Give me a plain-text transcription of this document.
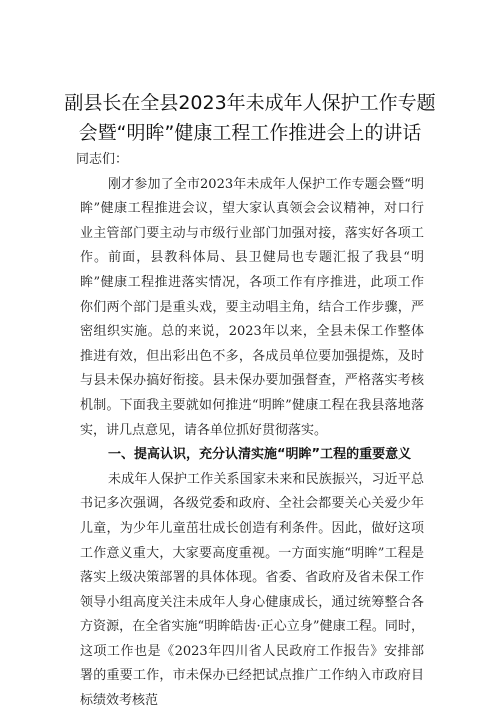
副县长在全县2023年未成年人保护工作专题
会暨“明眸”健康工程工作推进会上的讲话
同志们：

刚才参加了全市2023年未成年人保护工作专题会暨“明眸”健康工程推进会议，望大家认真领会会议精神，对口行业主管部门要主动与市级行业部门加强对接，落实好各项工作。前面，县教科体局、县卫健局也专题汇报了我县“明眸”健康工程推进落实情况，各项工作有序推进，此项工作你们两个部门是重头戏，要主动唱主角，结合工作步骤，严密组织实施。总的来说，2023年以来，全县未保工作整体推进有效，但出彩出色不多，各成员单位要加强提炼，及时与县未保办搞好衔接。县未保办要加强督查，严格落实考核机制。下面我主要就如何推进“明眸”健康工程在我县落地落实，讲几点意见，请各单位抓好贯彻落实。

一、提高认识，充分认清实施“明眸”工程的重要意义

未成年人保护工作关系国家未来和民族振兴，习近平总书记多次强调，各级党委和政府、全社会都要关心关爱少年儿童，为少年儿童茁壮成长创造有利条件。因此，做好这项工作意义重大，大家要高度重视。一方面实施“明眸”工程是落实上级决策部署的具体体现。省委、省政府及省未保工作领导小组高度关注未成年人身心健康成长，通过统筹整合各方资源，在全省实施“明眸皓齿·正心立身”健康工程。同时，这项工作也是《2023年四川省人民政府工作报告》安排部署的重要工作，市未保办已经把试点推广工作纳入市政府目标绩效考核范
